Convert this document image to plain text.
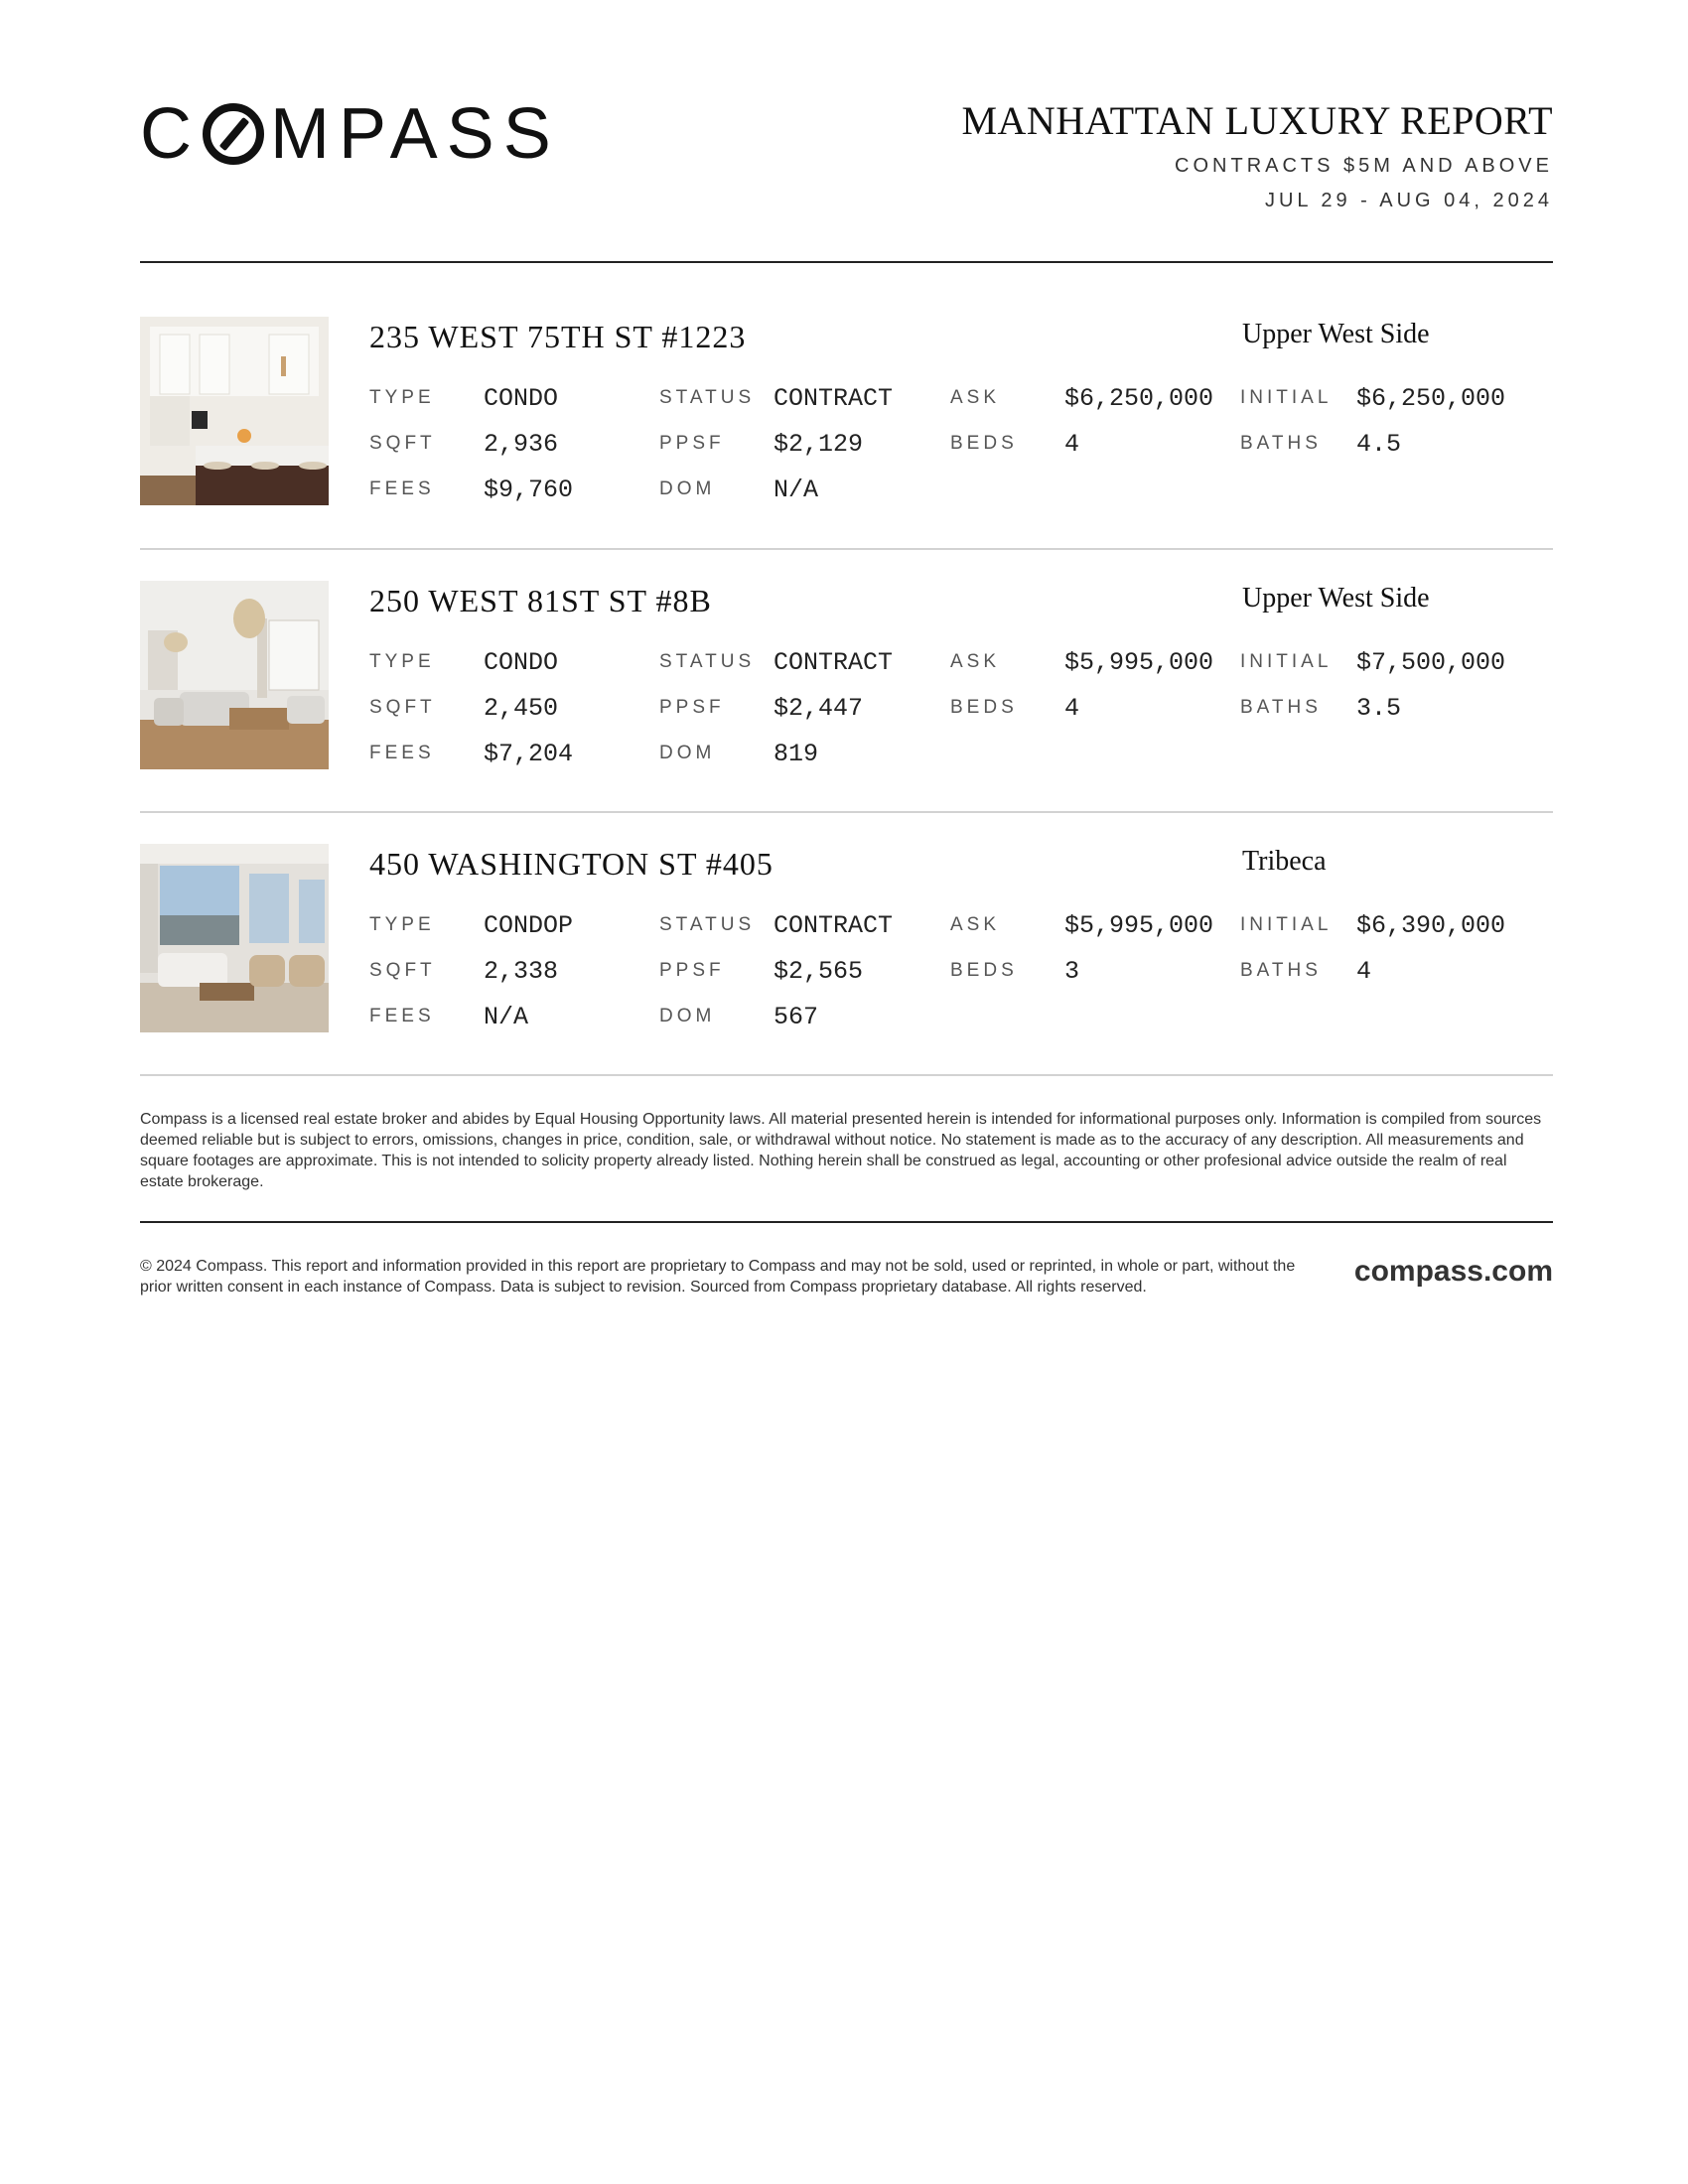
C MPASS	MANHATTAN LUXURY REPORT
CONTRACTS $5M AND ABOVE
JUL 29 - AUG 04, 2024
235 WEST 75TH ST #1223	Upper West Side
TYPE CONDO	STATUS CONTRACT	ASK	$6,250,000 INITIAL $6,250,000
SQFT 2,936	PPSF $2,129	BEDS 4	BATHS 4.5
FEES $9,760	DOM N/A
250 WEST 81ST ST #8B	Upper West Side
TYPE CONDO	STATUS CONTRACT	ASK	$5,995,000 INITIAL $7,500,000
SQFT 2,450	PPSF $2,447	BEDS 4	BATHS 3.5
FEES $7,204	DOM 819
450 WASHINGTON ST #405	Tribeca
TYPE CONDOP	STATUS CONTRACT	ASK	$5,995,000 INITIAL $6,390,000
SQFT 2,338	PPSF $2,565	BEDS 3	BATHS 4
FEES N/A	DOM 567
Compass is a licensed real estate broker and abides by Equal Housing Opportunity laws. All material presented herein is intended for informational purposes only. Information is compiled from sources deemed reliable but is subject to errors, omissions, changes in price, condition, sale, or withdrawal without notice. No statement is made as to the accuracy of any description. All measurements and square footages are approximate. This is not intended to solicity property already listed. Nothing herein shall be construed as legal, accounting or other profesional advice outside the realm of real estate brokerage.
© 2024 Compass. This report and information provided in this report are proprietary to Compass and may not be sold, used or reprinted, in whole or part, without the prior written consent in each instance of Compass. Data is subject to revision. Sourced from Compass proprietary database. All rights reserved.	compass.com
